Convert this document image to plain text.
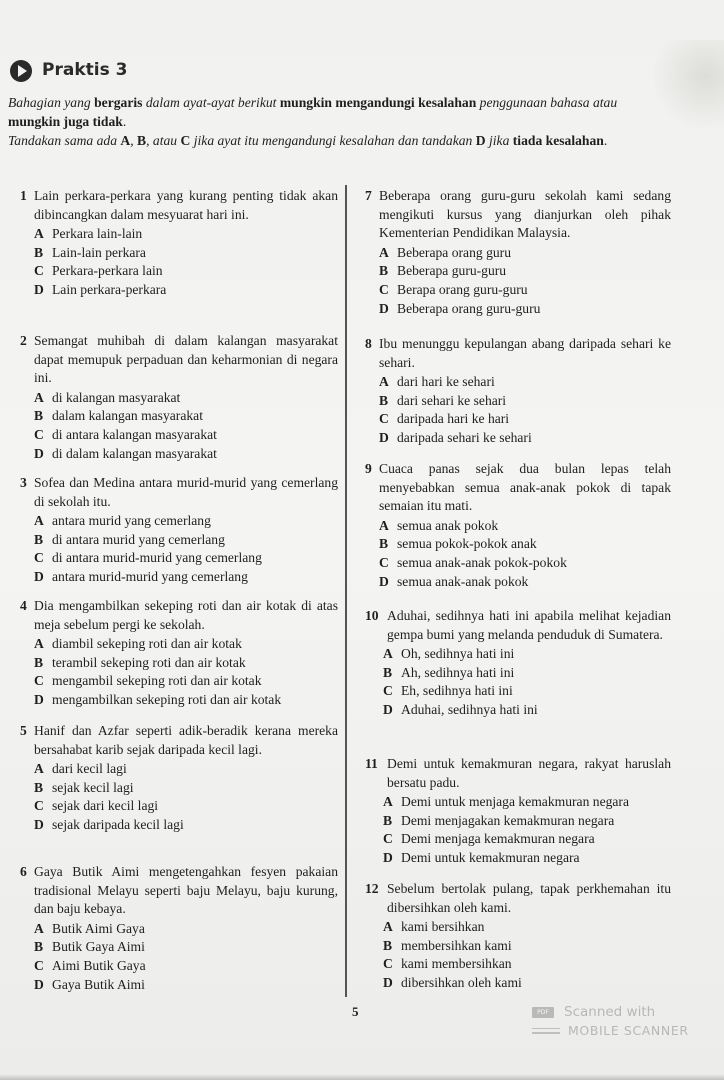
Praktis 3
Bahagian yang bergaris dalam ayat-ayat berikut mungkin mengandungi kesalahan penggunaan bahasa atau mungkin juga tidak.
Tandakan sama ada A, B, atau C jika ayat itu mengandungi kesalahan dan tandakan D jika tiada kesalahan.
1 Lain perkara-perkara yang kurang penting tidak akan dibincangkan dalam mesyuarat hari ini.
A Perkara lain-lain
B Lain-lain perkara
C Perkara-perkara lain
D Lain perkara-perkara
2 Semangat muhibah di dalam kalangan masyarakat dapat memupuk perpaduan dan keharmonian di negara ini.
A di kalangan masyarakat
B dalam kalangan masyarakat
C di antara kalangan masyarakat
D di dalam kalangan masyarakat
3 Sofea dan Medina antara murid-murid yang cemerlang di sekolah itu.
A antara murid yang cemerlang
B di antara murid yang cemerlang
C di antara murid-murid yang cemerlang
D antara murid-murid yang cemerlang
4 Dia mengambilkan sekeping roti dan air kotak di atas meja sebelum pergi ke sekolah.
A diambil sekeping roti dan air kotak
B terambil sekeping roti dan air kotak
C mengambil sekeping roti dan air kotak
D mengambilkan sekeping roti dan air kotak
5 Hanif dan Azfar seperti adik-beradik kerana mereka bersahabat karib sejak daripada kecil lagi.
A dari kecil lagi
B sejak kecil lagi
C sejak dari kecil lagi
D sejak daripada kecil lagi
6 Gaya Butik Aimi mengetengahkan fesyen pakaian tradisional Melayu seperti baju Melayu, baju kurung, dan baju kebaya.
A Butik Aimi Gaya
B Butik Gaya Aimi
C Aimi Butik Gaya
D Gaya Butik Aimi
7 Beberapa orang guru-guru sekolah kami sedang mengikuti kursus yang dianjurkan oleh pihak Kementerian Pendidikan Malaysia.
A Beberapa orang guru
B Beberapa guru-guru
C Berapa orang guru-guru
D Beberapa orang guru-guru
8 Ibu menunggu kepulangan abang daripada sehari ke sehari.
A dari hari ke sehari
B dari sehari ke sehari
C daripada hari ke hari
D daripada sehari ke sehari
9 Cuaca panas sejak dua bulan lepas telah menyebabkan semua anak-anak pokok di tapak semaian itu mati.
A semua anak pokok
B semua pokok-pokok anak
C semua anak-anak pokok-pokok
D semua anak-anak pokok
10 Aduhai, sedihnya hati ini apabila melihat kejadian gempa bumi yang melanda penduduk di Sumatera.
A Oh, sedihnya hati ini
B Ah, sedihnya hati ini
C Eh, sedihnya hati ini
D Aduhai, sedihnya hati ini
11 Demi untuk kemakmuran negara, rakyat haruslah bersatu padu.
A Demi untuk menjaga kemakmuran negara
B Demi menjagakan kemakmuran negara
C Demi menjaga kemakmuran negara
D Demi untuk kemakmuran negara
12 Sebelum bertolak pulang, tapak perkhemahan itu dibersihkan oleh kami.
A kami bersihkan
B membersihkan kami
C kami membersihkan
D dibersihkan oleh kami
5	PDF	Scanned with
MOBILE SCANNER
